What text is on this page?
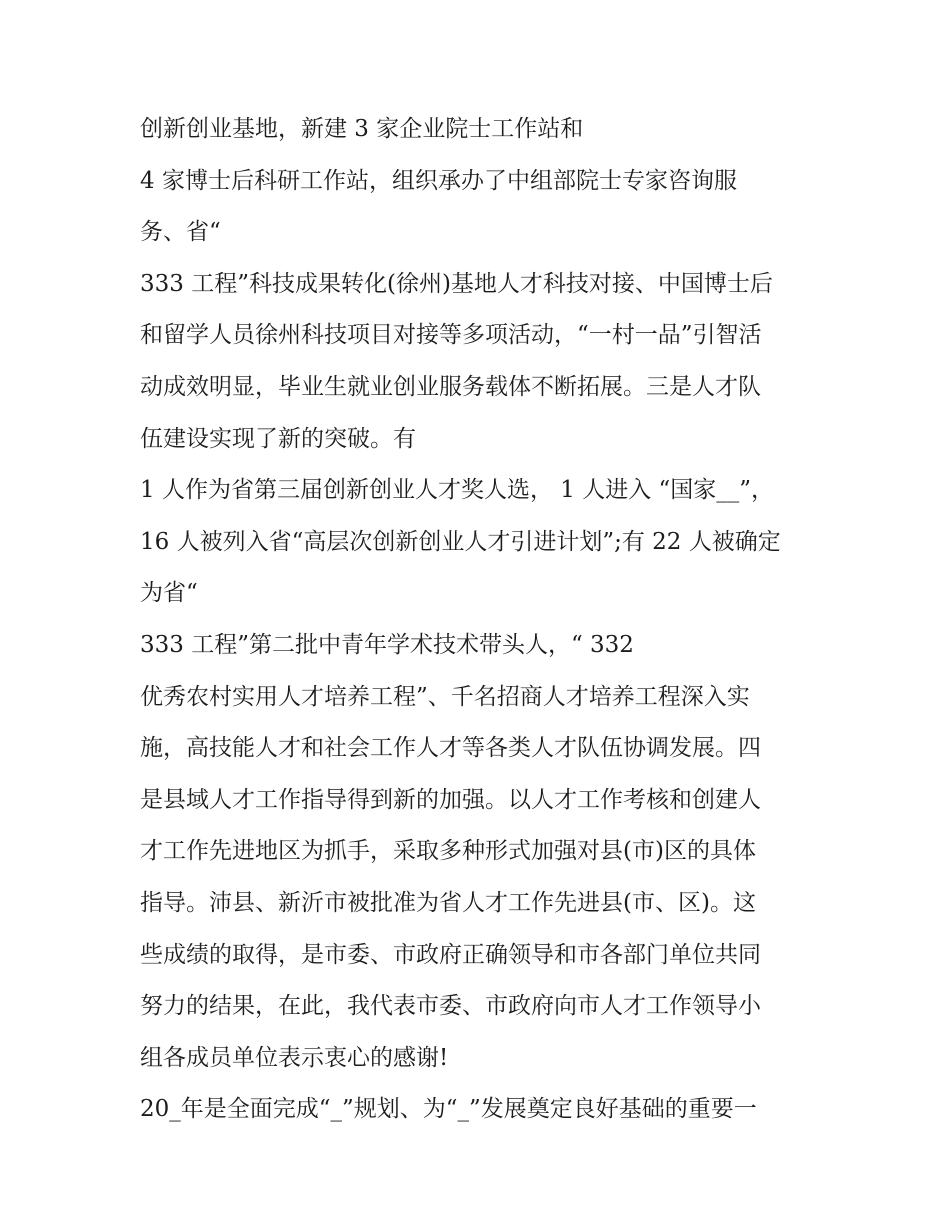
创新创业基地，新建 3 家企业院士工作站和
4 家博士后科研工作站，组织承办了中组部院士专家咨询服
务、省“
333 工程”科技成果转化(徐州)基地人才科技对接、中国博士后
和留学人员徐州科技项目对接等多项活动，“一村一品”引智活
动成效明显，毕业生就业创业服务载体不断拓展。三是人才队
伍建设实现了新的突破。有
1 人作为省第三届创新创业人才奖人选， 1 人进入 “国家__”，
16 人被列入省“高层次创新创业人才引进计划”;有 22 人被确定
为省“
333 工程”第二批中青年学术技术带头人，“ 332
优秀农村实用人才培养工程”、千名招商人才培养工程深入实
施，高技能人才和社会工作人才等各类人才队伍协调发展。四
是县域人才工作指导得到新的加强。以人才工作考核和创建人
才工作先进地区为抓手，采取多种形式加强对县(市)区的具体
指导。沛县、新沂市被批准为省人才工作先进县(市、区)。这
些成绩的取得，是市委、市政府正确领导和市各部门单位共同
努力的结果，在此，我代表市委、市政府向市人才工作领导小
组各成员单位表示衷心的感谢!
20_年是全面完成“_”规划、为“_”发展奠定良好基础的重要一
